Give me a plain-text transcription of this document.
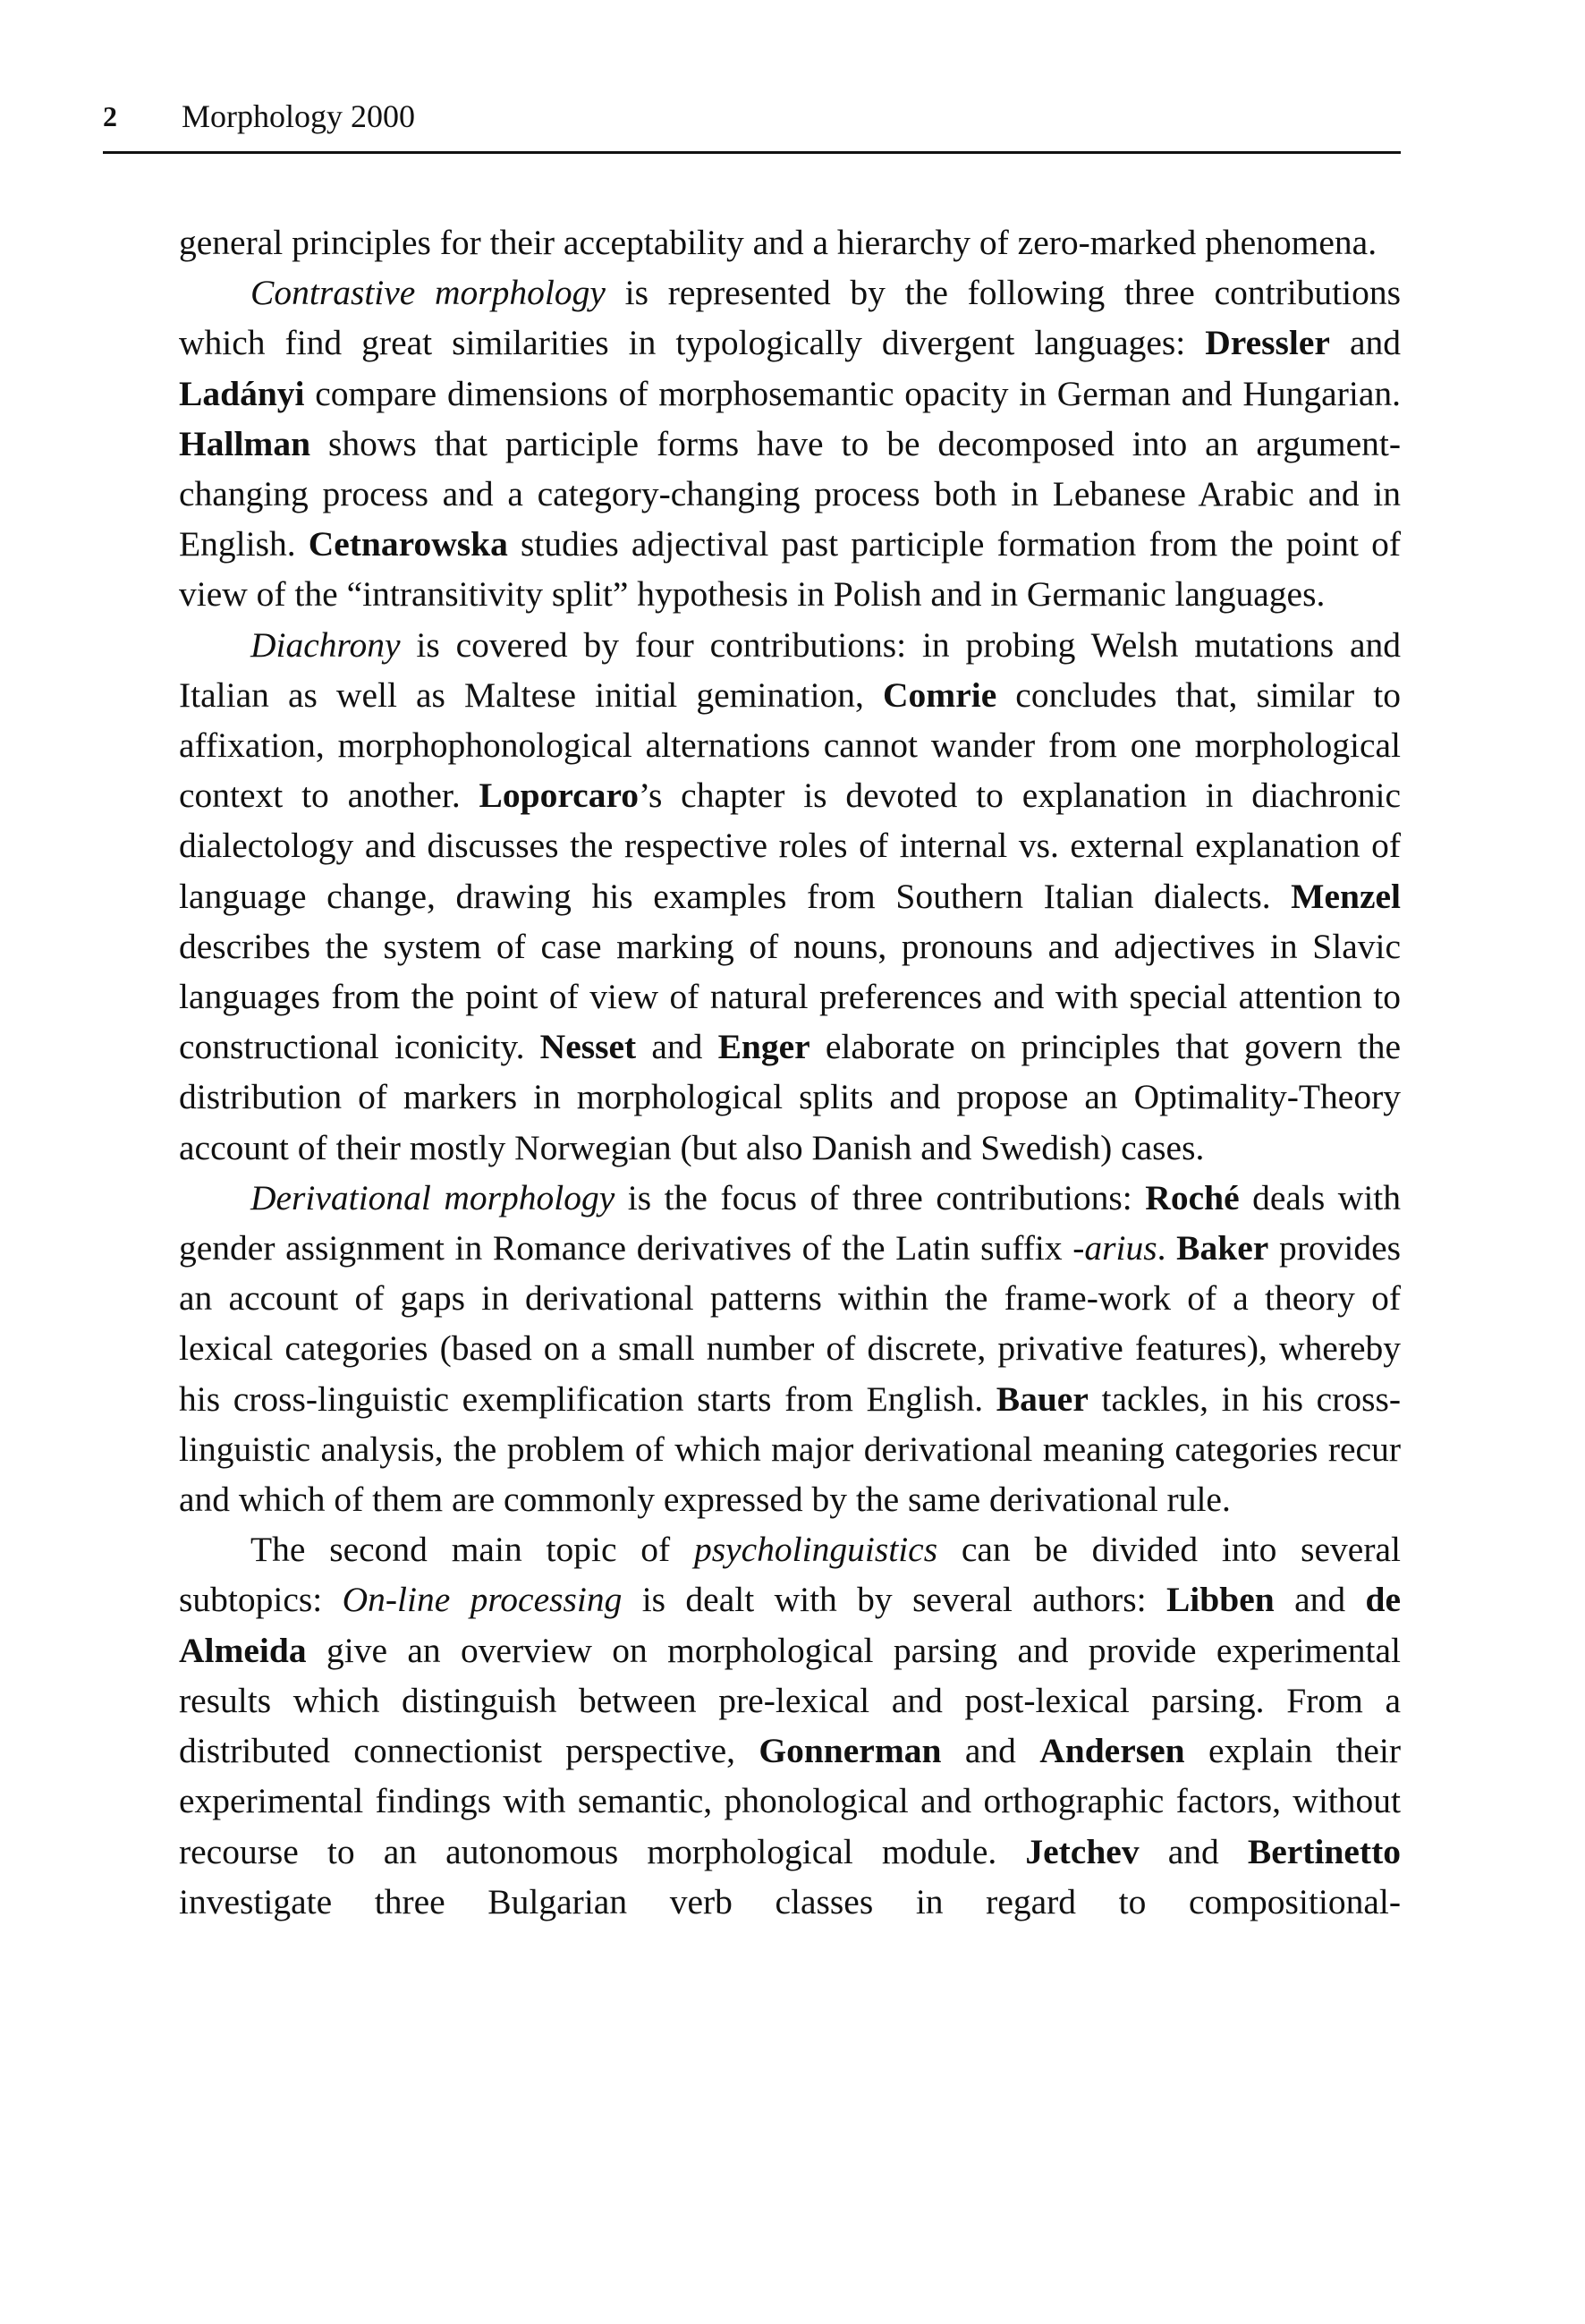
2 Morphology 2000

general principles for their acceptability and a hierarchy of zero-marked phenomena.

Contrastive morphology is represented by the following three contributions which find great similarities in typologically divergent languages: Dressler and Ladányi compare dimensions of morphosemantic opacity in German and Hungarian. Hallman shows that participle forms have to be decomposed into an argument-changing process and a category-changing process both in Lebanese Arabic and in English. Cetnarowska studies adjectival past participle formation from the point of view of the “intransitivity split” hypothesis in Polish and in Germanic languages.

Diachrony is covered by four contributions: in probing Welsh mutations and Italian as well as Maltese initial gemination, Comrie concludes that, similar to affixation, morphophonological alternations cannot wander from one morphological context to another. Loporcaro’s chapter is devoted to explanation in diachronic dialectology and discusses the respective roles of internal vs. external explanation of language change, drawing his examples from Southern Italian dialects. Menzel describes the system of case marking of nouns, pronouns and adjectives in Slavic languages from the point of view of natural preferences and with special attention to constructional iconicity. Nesset and Enger elaborate on principles that govern the distribution of markers in morphological splits and propose an Optimality-Theory account of their mostly Norwegian (but also Danish and Swedish) cases.

Derivational morphology is the focus of three contributions: Roché deals with gender assignment in Romance derivatives of the Latin suffix -arius. Baker provides an account of gaps in derivational patterns within the frame-work of a theory of lexical categories (based on a small number of discrete, privative features), whereby his cross-linguistic exemplification starts from English. Bauer tackles, in his cross-linguistic analysis, the problem of which major derivational meaning categories recur and which of them are commonly expressed by the same derivational rule.

The second main topic of psycholinguistics can be divided into several subtopics: On-line processing is dealt with by several authors: Libben and de Almeida give an overview on morphological parsing and provide experimental results which distinguish between pre-lexical and post-lexical parsing. From a distributed connectionist perspective, Gonnerman and Andersen explain their experimental findings with semantic, phonological and orthographic factors, without recourse to an autonomous morphological module. Jetchev and Bertinetto investigate three Bulgarian verb classes in regard to compositional-
